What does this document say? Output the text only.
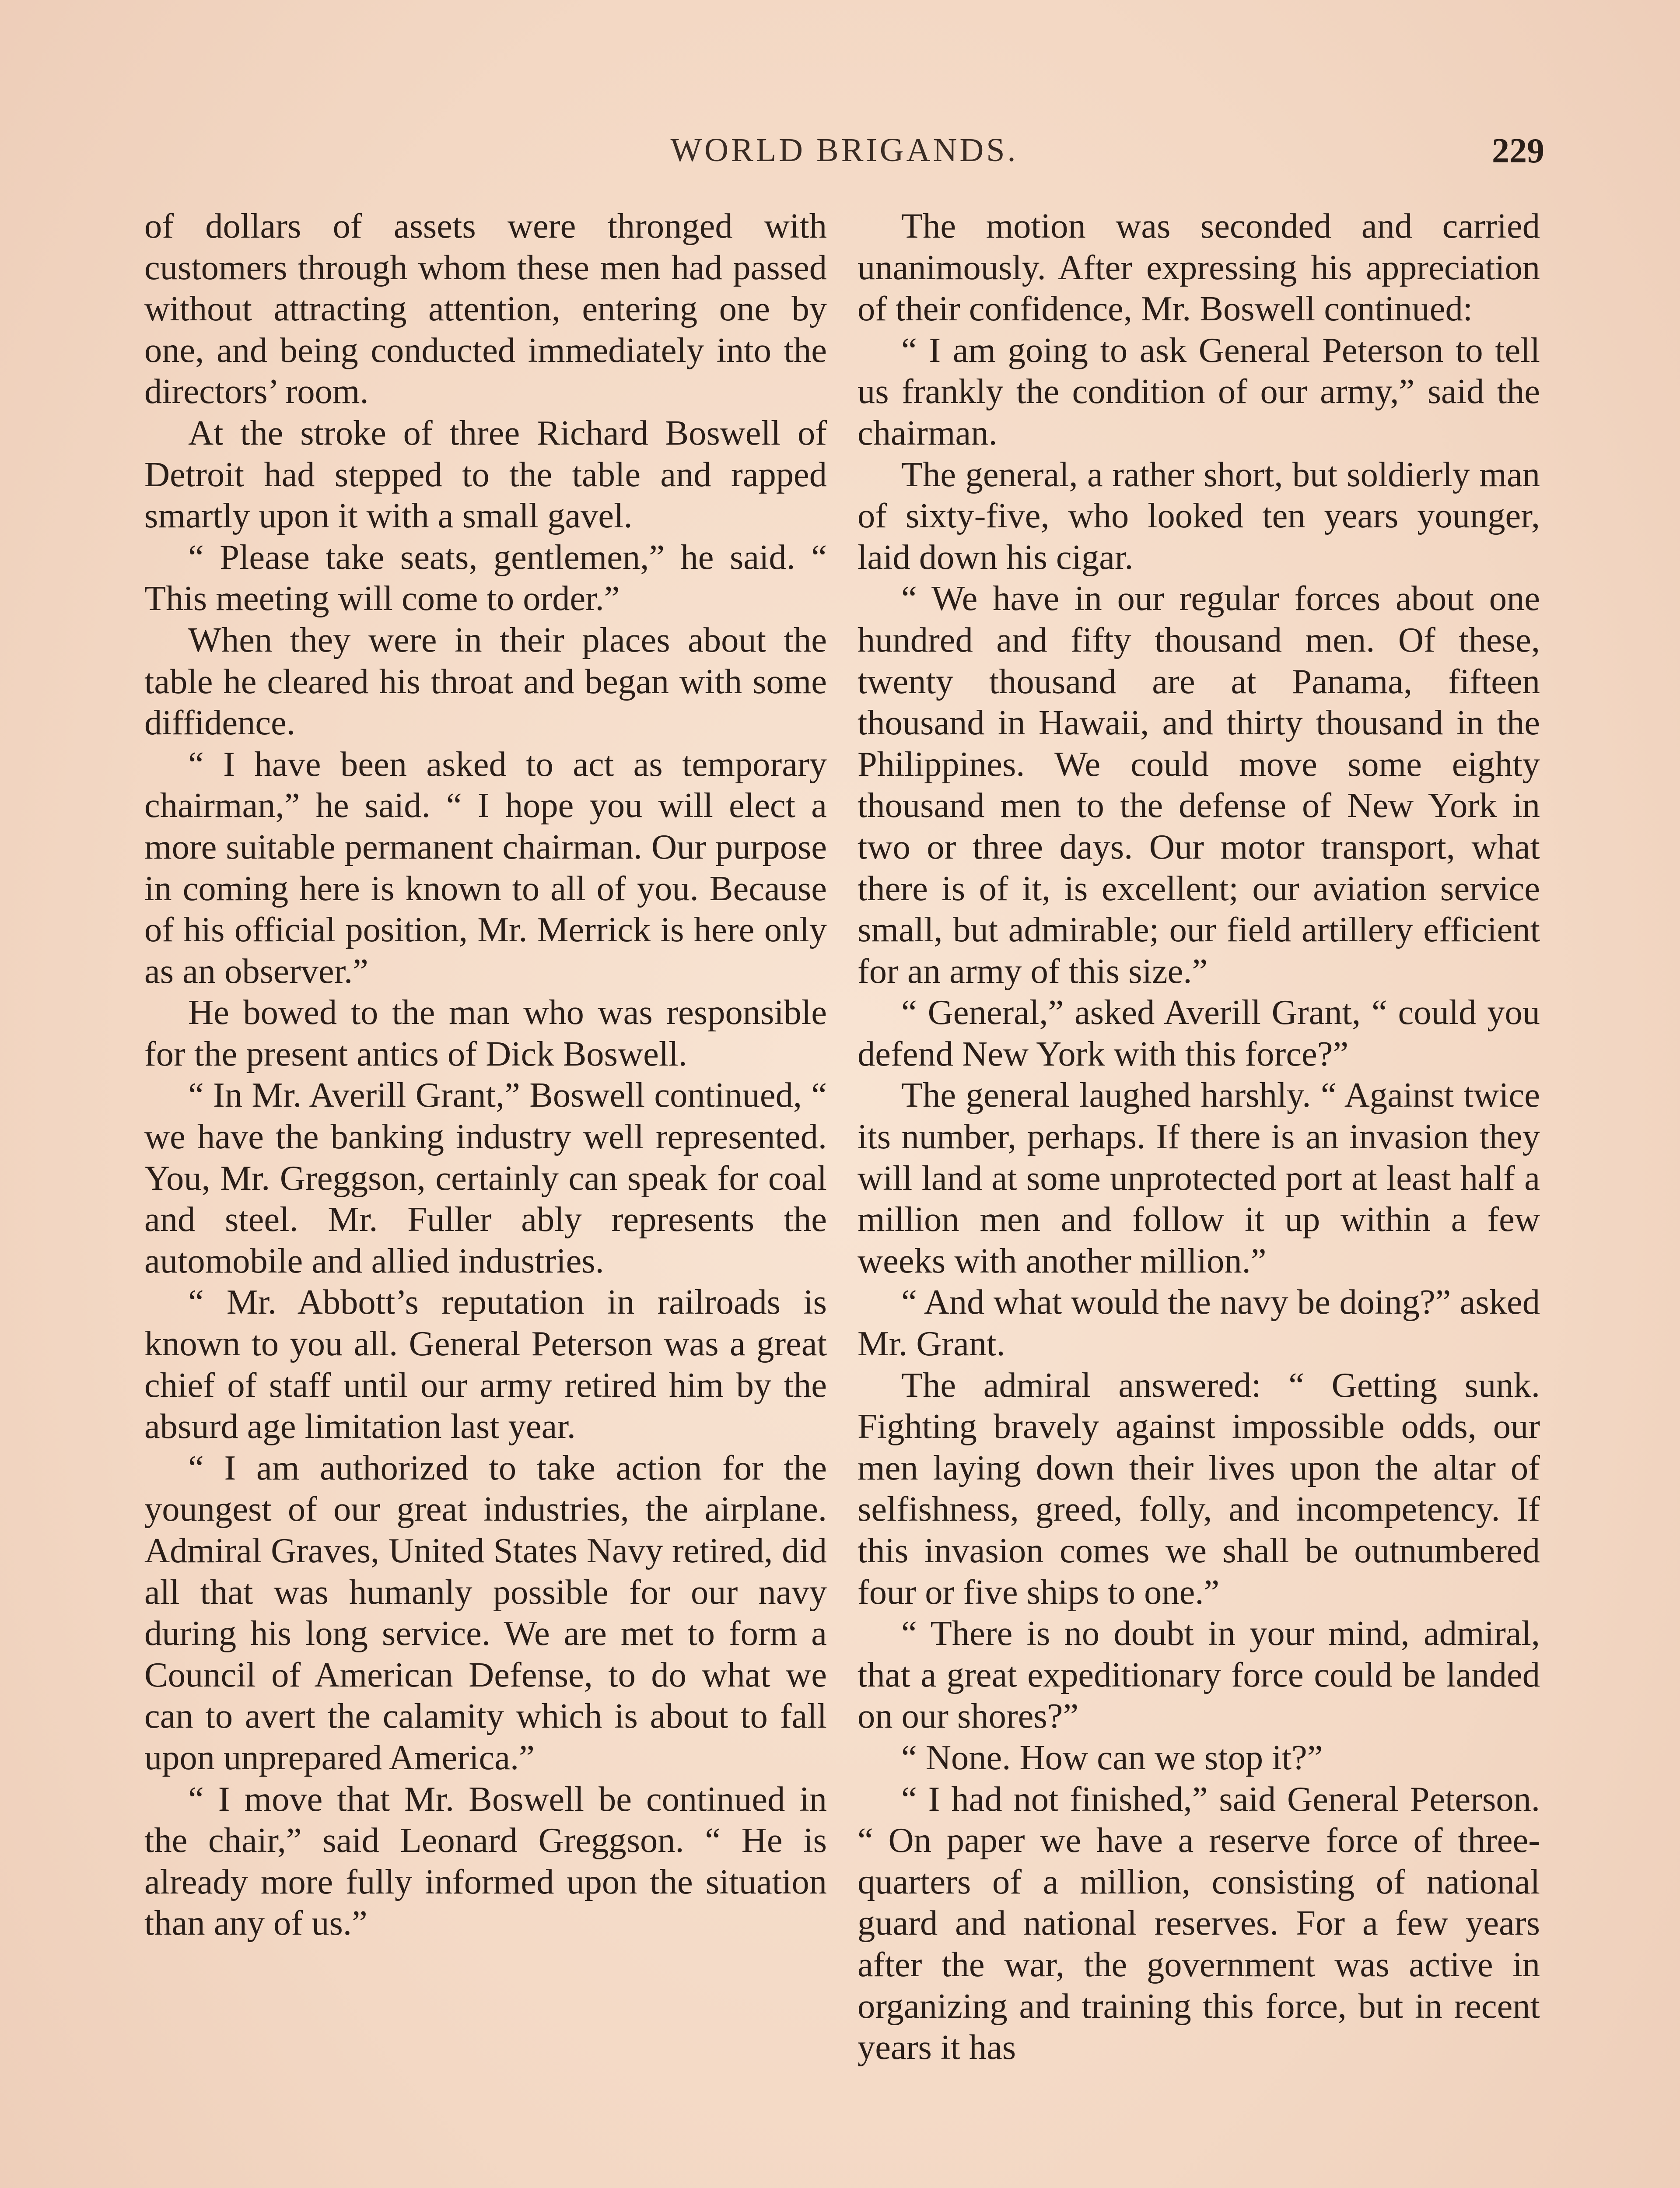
WORLD BRIGANDS.	229

of dollars of assets were thronged with customers through whom these men had passed without attracting attention, entering one by one, and being conducted immediately into the directors’ room.

At the stroke of three Richard Boswell of Detroit had stepped to the table and rapped smartly upon it with a small gavel.

“ Please take seats, gentlemen,” he said. “ This meeting will come to order.”

When they were in their places about the table he cleared his throat and began with some diffidence.

“ I have been asked to act as temporary chairman,” he said. “ I hope you will elect a more suitable permanent chairman. Our purpose in coming here is known to all of you. Because of his official position, Mr. Merrick is here only as an observer.”

He bowed to the man who was responsible for the present antics of Dick Boswell.

“ In Mr. Averill Grant,” Boswell continued, “ we have the banking industry well represented. You, Mr. Greggson, certainly can speak for coal and steel. Mr. Fuller ably represents the automobile and allied industries.

“ Mr. Abbott’s reputation in railroads is known to you all. General Peterson was a great chief of staff until our army retired him by the absurd age limitation last year.

“ I am authorized to take action for the youngest of our great industries, the airplane. Admiral Graves, United States Navy retired, did all that was humanly possible for our navy during his long service. We are met to form a Council of American Defense, to do what we can to avert the calamity which is about to fall upon unprepared America.”

“ I move that Mr. Boswell be continued in the chair,” said Leonard Greggson. “ He is already more fully informed upon the situation than any of us.”

The motion was seconded and carried unanimously. After expressing his appreciation of their confidence, Mr. Boswell continued:

“ I am going to ask General Peterson to tell us frankly the condition of our army,” said the chairman.

The general, a rather short, but soldierly man of sixty-five, who looked ten years younger, laid down his cigar.

“ We have in our regular forces about one hundred and fifty thousand men. Of these, twenty thousand are at Panama, fifteen thousand in Hawaii, and thirty thousand in the Philippines. We could move some eighty thousand men to the defense of New York in two or three days. Our motor transport, what there is of it, is excellent; our aviation service small, but admirable; our field artillery efficient for an army of this size.”

“ General,” asked Averill Grant, “ could you defend New York with this force?”

The general laughed harshly. “ Against twice its number, perhaps. If there is an invasion they will land at some unprotected port at least half a million men and follow it up within a few weeks with another million.”

“ And what would the navy be doing?” asked Mr. Grant.

The admiral answered: “ Getting sunk. Fighting bravely against impossible odds, our men laying down their lives upon the altar of selfishness, greed, folly, and incompetency. If this invasion comes we shall be outnumbered four or five ships to one.”

“ There is no doubt in your mind, admiral, that a great expeditionary force could be landed on our shores?”

“ None. How can we stop it?”

“ I had not finished,” said General Peterson. “ On paper we have a reserve force of three-quarters of a million, consisting of national guard and national reserves. For a few years after the war, the government was active in organizing and training this force, but in recent years it has
